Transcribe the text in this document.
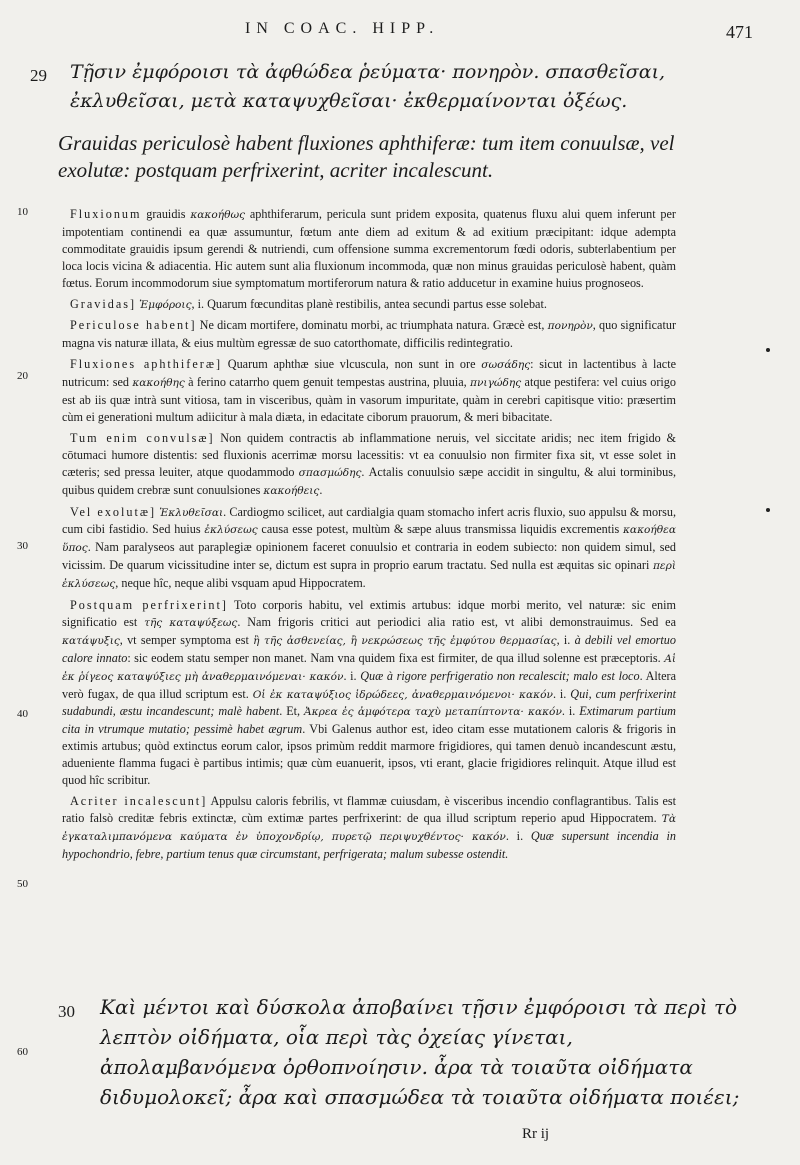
IN COAC. HIPP.	471
29 Τῇσιν ἐμφόροισι τὰ ἀφθώδεα ῥεύματα· πονηρὸν. σπασθεῖσαι, ἐκλυθεῖσαι, μετὰ καταψυχθεῖσαι· ἐκθερμαίνονται ὀξέως.
Grauidas periculosè habent fluxiones aphthiferæ: tum item conuulsæ, vel exolutæ: postquam perfrixerint, acriter incalescunt.
10
20
30
40
50
60

Fluxionum grauidis κακοήθως aphthiferarum, pericula sunt pridem exposita, quatenus fluxu alui quem inferunt per impotentiam continendi ea quæ assumuntur, fœtum ante diem ad exitum & ad exitium præcipitant: idque adempta commoditate grauidis ipsum gerendi & nutriendi, cum offensione summa excrementorum fœdi odoris, subterlabentium per loca locis vicina & adiacentia. Hic autem sunt alia fluxionum incommoda, quæ non minus grauidas periculosè habent, quàm fœtus. Eorum incommodorum siue symptomatum mortiferorum natura & ratio adducetur in examine huius prognoseos.

Gravidas] Ἐμφόροις, i. Quarum fœcunditas planè restibilis, antea secundi partus esse solebat.

Periculose habent] Ne dicam mortifere, dominatu morbi, ac triumphata natura. Græcè est, πονηρὸν, quo significatur magna vis naturæ illata, & eius multùm egressæ de suo catorthomate, difficilis redintegratio.

Fluxiones aphthiferæ] Quarum aphthæ siue vlcuscula, non sunt in ore σωσάδης: sicut in lactentibus à lacte nutricum: sed κακοήθης à ferino catarrho quem genuit tempestas austrina, pluuia, πνιγώδης atque pestifera: vel cuius origo est ab iis quæ intrà sunt vitiosa, tam in visceribus, quàm in vasorum impuritate, quàm in cerebri capitisque vitio: præsertim cùm ei generationi multum adiicitur à mala diæta, in edacitate ciborum prauorum, & meri bibacitate.

Tum enim convulsæ] Non quidem contractis ab inflammatione neruis, vel siccitate aridis; nec item frigido & cōtumaci humore distentis: sed fluxionis acerrimæ morsu lacessitis: vt ea conuulsio non firmiter fixa sit, vt esse solet in cæteris; sed pressa leuiter, atque quodammodo σπασμώδης. Actalis conuulsio sæpe accidit in singultu, & alui torminibus, quibus quidem crebræ sunt conuulsiones κακοήθεις.

Vel exolutæ] Ἐκλυθεῖσαι. Cardiogmo scilicet, aut cardialgia quam stomacho infert acris fluxio, suo appulsu & morsu, cum cibi fastidio. Sed huius ἐκλύσεως causa esse potest, multùm & sæpe aluus transmissa liquidis excrementis κακοήθεα ὕπος. Nam paralyseos aut paraplegiæ opinionem faceret conuulsio et contraria in eodem subiecto: non quidem simul, sed vicissim. De quarum vicissitudine inter se, dictum est supra in proprio earum tractatu. Sed nulla est æquitas sic opinari περὶ ἐκλύσεως, neque hîc, neque alibi vsquam apud Hippocratem.

Postquam perfrixerint] Toto corporis habitu, vel extimis artubus: idque morbi merito, vel naturæ: sic enim significatio est τῆς καταψύξεως. Nam frigoris critici aut periodici alia ratio est, vt alibi demonstrauimus. Sed ea κατάψυξις, vt semper symptoma est ἢ τῆς ἀσθενείας, ἢ νεκρώσεως τῆς ἐμφύτου θερμασίας, i. à debili vel emortuo calore innato: sic eodem statu semper non manet. Nam vna quidem fixa est firmiter, de qua illud solenne est præceptoris. Αἱ ἐκ ῥίγεος καταψύξιες μὴ ἀναθερμαινόμεναι· κακόν. i. Quæ à rigore perfrigeratio non recalescit; malo est loco. Altera verò fugax, de qua illud scriptum est. Οἱ ἐκ καταψύξιος ἱδρώδεες, ἀναθερμαινόμενοι· κακόν. i. Qui, cum perfrixerint sudabundi, æstu incandescunt; malè habent. Et, Ἀκρεα ἐς ἀμφότερα ταχὺ μεταπίπτοντα· κακόν. i. Extimarum partium cita in vtrumque mutatio; pessimè habet ægrum. Vbi Galenus author est, ideo citam esse mutationem caloris & frigoris in extimis artubus; quòd extinctus eorum calor, ipsos primùm reddit marmore frigidiores, qui tamen denuò incandescunt æstu, adueniente flamma fugaci è partibus intimis; quæ cùm euanuerit, ipsos, vti erant, glacie frigidiores relinquit. Atque illud est quod hîc scribitur.

Acriter incalescunt] Appulsu caloris febrilis, vt flammæ cuiusdam, è visceribus incendio conflagrantibus. Talis est ratio falsò creditæ febris extinctæ, cùm extimæ partes perfrixerint: de qua illud scriptum reperio apud Hippocratem. Τὰ ἐγκαταλιμπανόμενα καύματα ἐν ὑποχονδρίῳ, πυρετῷ περιψυχθέντος· κακόν. i. Quæ supersunt incendia in hypochondrio, febre, partium tenus quæ circumstant, perfrigerata; malum subesse ostendit.

30 Καὶ μέντοι καὶ δύσκολα ἀποβαίνει τῇσιν ἐμφόροισι τὰ περὶ τὸ λεπτὸν οἰδήματα, οἷα περὶ τὰς ὀχείας γίνεται, ἀπολαμβανόμενα ὀρθοπνοίησιν. ἆρα τὰ τοιαῦτα οἰδήματα διδυμολοκεῖ; ἆρα καὶ σπασμώδεα τὰ τοιαῦτα οἰδήματα ποιέει;
Rr ij
